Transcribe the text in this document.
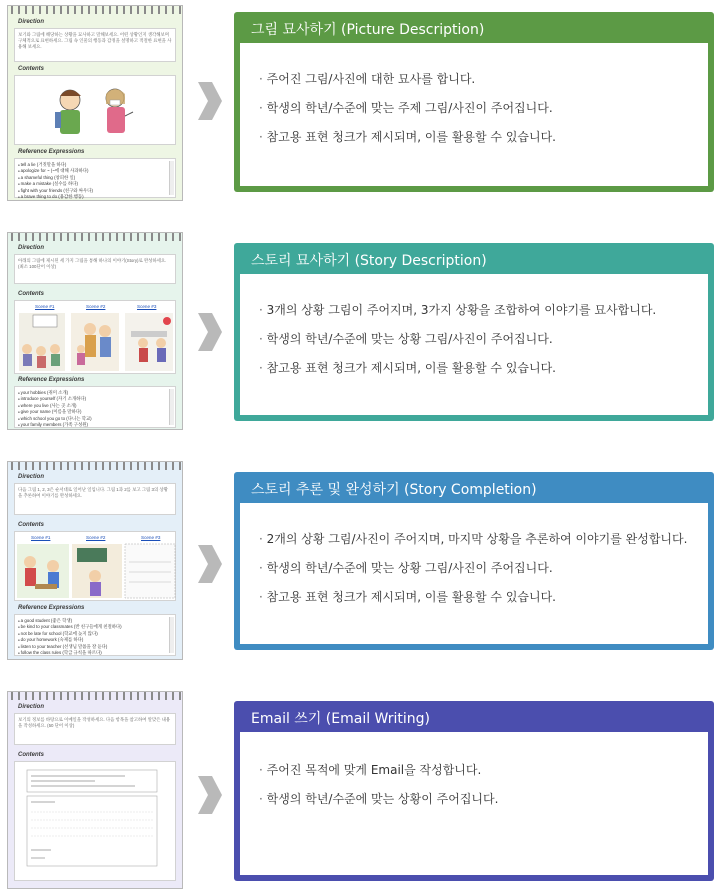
Direction
보기와 그림에 해당하는 상황을 묘사하고 말해보세요. 어떤 상황인지 생각해보며 구체적으로 표현하세요. 그림 속 인물의 행동과 감정을 설명하고 적절한 표현을 사용해 보세요.
Contents
Reference Expressions
● tell a lie (거짓말을 하다)
● apologize for ~ (~에 대해 사과하다)
● a shameful thing (창피한 일)
● make a mistake (실수를 하다)
● fight with your friends (친구와 싸우다)
● a brave thing to do (용감한 행동)
그림 묘사하기 (Picture Description)
· 주어진 그림/사진에 대한 묘사를 합니다.
· 학생의 학년/수준에 맞는 주제 그림/사진이 주어집니다.
· 참고용 표현 청크가 제시되며, 이를 활용할 수 있습니다.
Direction
아래의 그림에 제시된 세 가지 그림을 통해 하나의 이야기(Story)로 완성하세요. (최소 100단어 이상)
Contents
Scene #1	Scene #2	Scene #3
Reference Expressions
● your hobbies (취미 소개)
● introduce yourself (자기 소개하다)
● where you live (사는 곳 소개)
● give your name (이름을 말하다)
● which school you go to (다니는 학교)
● your family members (가족 구성원)
스토리 묘사하기 (Story Description)
· 3개의 상황 그림이 주어지며, 3가지 상황을 조합하여 이야기를 묘사합니다.
· 학생의 학년/수준에 맞는 상황 그림/사진이 주어집니다.
· 참고용 표현 청크가 제시되며, 이를 활용할 수 있습니다.
Direction
다음 그림 1, 2, 3은 순서대로 일어난 일입니다. 그림 1과 2를 보고 그림 3의 상황을 추론하여 이야기를 완성하세요.
Contents
Scene #1	Scene #2	Scene #3
Reference Expressions
● a good student (좋은 학생)
● be kind to your classmates (반 친구들에게 친절하다)
● not be late for school (학교에 늦지 않다)
● do your homework (숙제를 하다)
● listen to your teacher (선생님 말씀을 잘 듣다)
● follow the class rules (학급 규칙을 따르다)
스토리 추론 및 완성하기 (Story Completion)
· 2개의 상황 그림/사진이 주어지며, 마지막 상황을 추론하여 이야기를 완성합니다.
· 학생의 학년/수준에 맞는 상황 그림/사진이 주어집니다.
· 참고용 표현 청크가 제시되며, 이를 활용할 수 있습니다.
Direction
보기의 정보를 바탕으로 이메일을 작성하세요. 다음 항목을 참고하여 알맞은 내용을 작성하세요. (50 단어 이상)
Contents
Email 쓰기 (Email Writing)
· 주어진 목적에 맞게 Email을 작성합니다.
· 학생의 학년/수준에 맞는 상황이 주어집니다.
